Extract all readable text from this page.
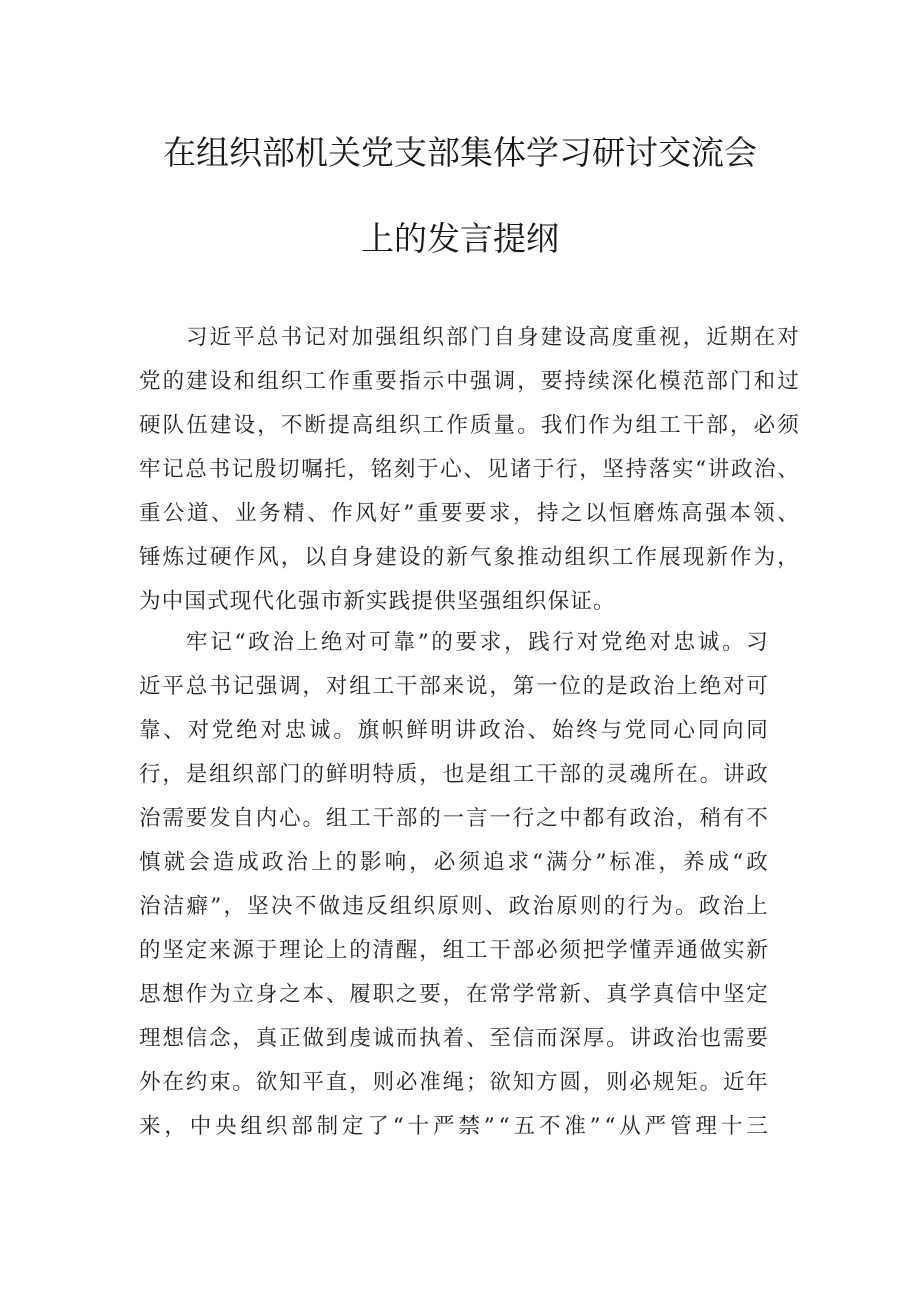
在组织部机关党支部集体学习研讨交流会
上的发言提纲
习近平总书记对加强组织部门自身建设高度重视，近期在对
党的建设和组织工作重要指示中强调，要持续深化模范部门和过
硬队伍建设，不断提高组织工作质量。我们作为组工干部，必须
牢记总书记殷切嘱托，铭刻于心、见诸于行，坚持落实“讲政治、
重公道、业务精、作风好”重要要求，持之以恒磨炼高强本领、
锤炼过硬作风，以自身建设的新气象推动组织工作展现新作为，
为中国式现代化强市新实践提供坚强组织保证。
牢记“政治上绝对可靠”的要求，践行对党绝对忠诚。习
近平总书记强调，对组工干部来说，第一位的是政治上绝对可
靠、对党绝对忠诚。旗帜鲜明讲政治、始终与党同心同向同
行，是组织部门的鲜明特质，也是组工干部的灵魂所在。讲政
治需要发自内心。组工干部的一言一行之中都有政治，稍有不
慎就会造成政治上的影响，必须追求“满分”标准，养成“政
治洁癖”，坚决不做违反组织原则、政治原则的行为。政治上
的坚定来源于理论上的清醒，组工干部必须把学懂弄通做实新
思想作为立身之本、履职之要，在常学常新、真学真信中坚定
理想信念，真正做到虔诚而执着、至信而深厚。讲政治也需要
外在约束。欲知平直，则必准绳；欲知方圆，则必规矩。近年
来，中央组织部制定了“十严禁”“五不准”“从严管理十三
